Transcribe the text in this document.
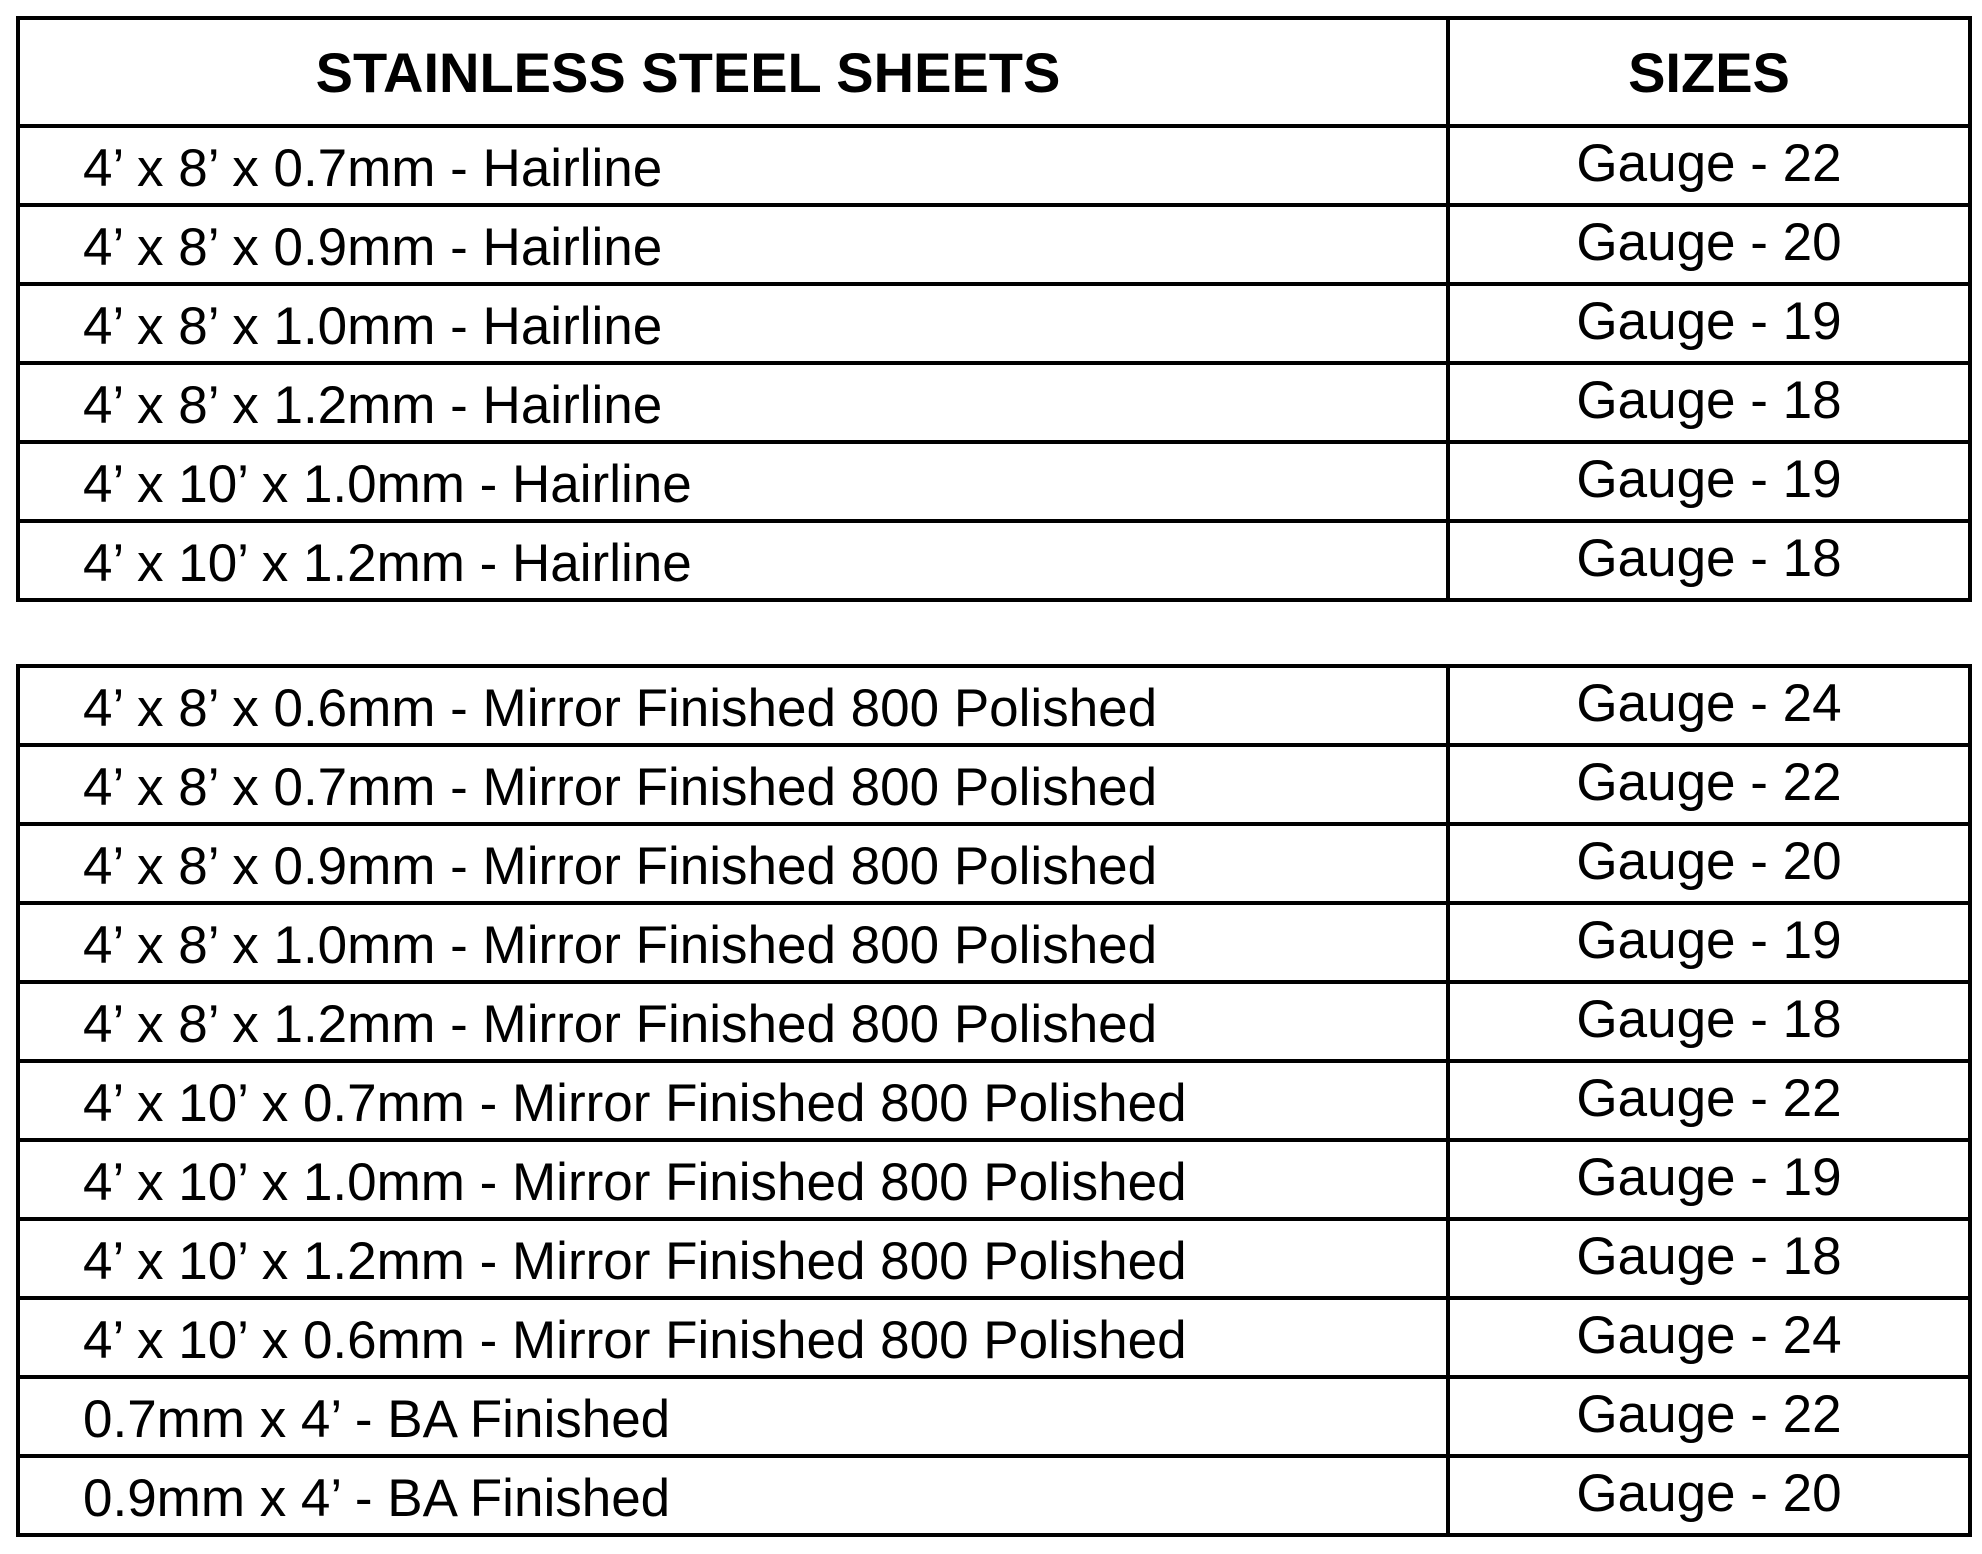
STAINLESS STEEL SHEETS	SIZES
4’ x 8’ x 0.7mm - Hairline	Gauge - 22
4’ x 8’ x 0.9mm - Hairline	Gauge - 20
4’ x 8’ x 1.0mm - Hairline	Gauge - 19
4’ x 8’ x 1.2mm - Hairline	Gauge - 18
4’ x 10’ x 1.0mm - Hairline	Gauge - 19
4’ x 10’ x 1.2mm - Hairline	Gauge - 18
4’ x 8’ x 0.6mm - Mirror Finished 800 Polished	Gauge - 24
4’ x 8’ x 0.7mm - Mirror Finished 800 Polished	Gauge - 22
4’ x 8’ x 0.9mm - Mirror Finished 800 Polished	Gauge - 20
4’ x 8’ x 1.0mm - Mirror Finished 800 Polished	Gauge - 19
4’ x 8’ x 1.2mm - Mirror Finished 800 Polished	Gauge - 18
4’ x 10’ x 0.7mm - Mirror Finished 800 Polished	Gauge - 22
4’ x 10’ x 1.0mm - Mirror Finished 800 Polished	Gauge - 19
4’ x 10’ x 1.2mm - Mirror Finished 800 Polished	Gauge - 18
4’ x 10’ x 0.6mm - Mirror Finished 800 Polished	Gauge - 24
0.7mm x 4’ - BA Finished	Gauge - 22
0.9mm x 4’ - BA Finished	Gauge - 20
